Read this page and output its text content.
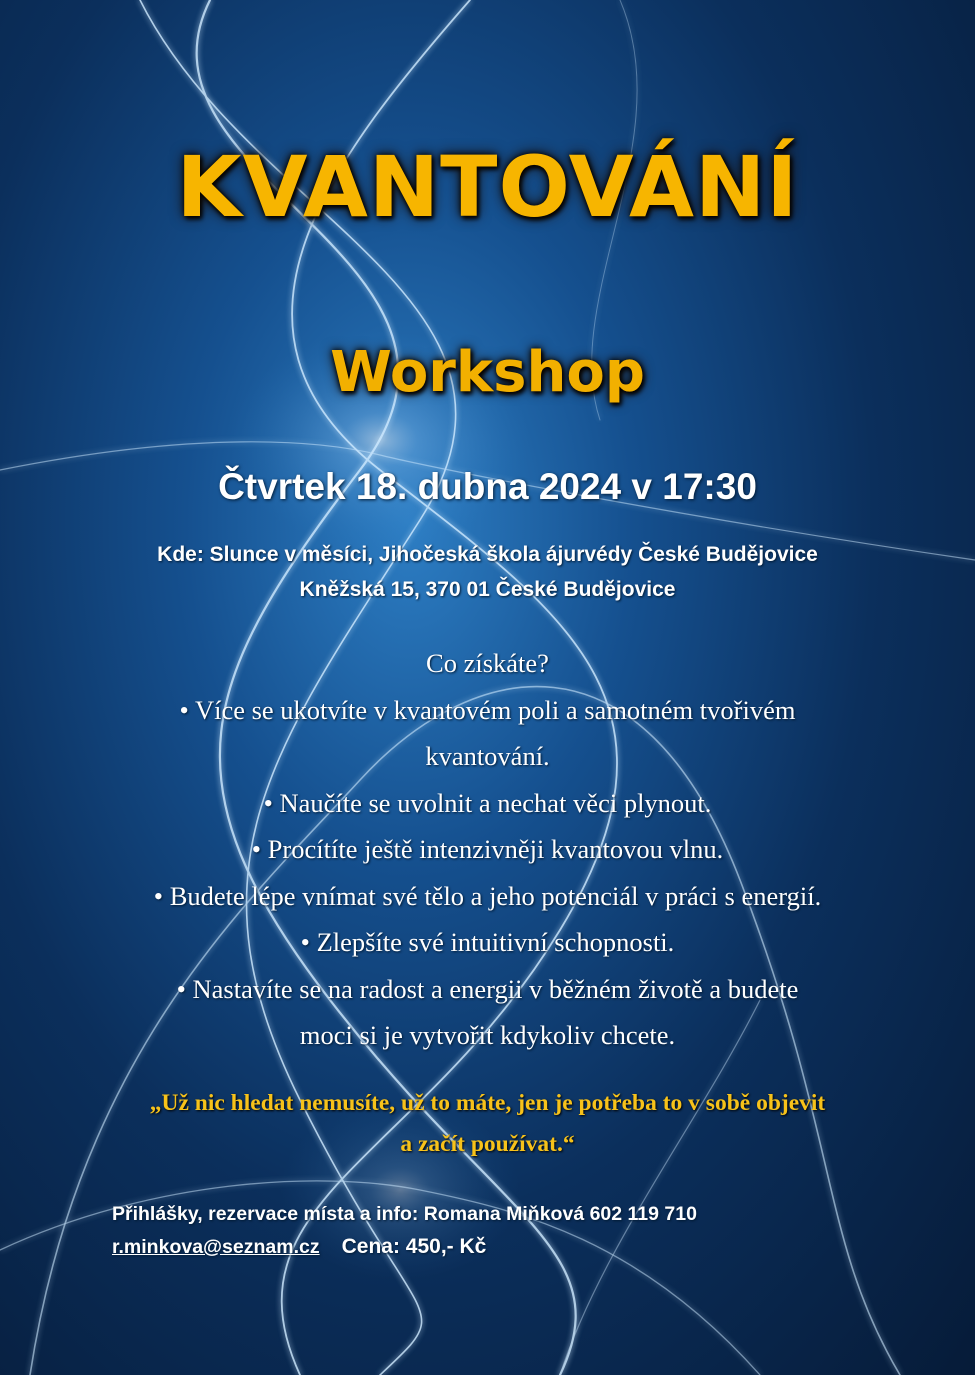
KVANTOVÁNÍ
Workshop
Čtvrtek 18. dubna 2024 v 17:30
Kde: Slunce v měsíci, Jihočeská škola ájurvédy České Budějovice
Kněžská 15, 370 01 České Budějovice
Co získáte?
• Více se ukotvíte v kvantovém poli a samotném tvořivém
kvantování.
• Naučíte se uvolnit a nechat věci plynout.
• Procítíte ještě intenzivněji kvantovou vlnu.
• Budete lépe vnímat své tělo a jeho potenciál v práci s energií.
• Zlepšíte své intuitivní schopnosti.
• Nastavíte se na radost a energii v běžném životě a budete
moci si je vytvořit kdykoliv chcete.
„Už nic hledat nemusíte, už to máte, jen je potřeba to v sobě objevit
a začít používat.“
Přihlášky, rezervace místa a info: Romana Miňková 602 119 710
r.minkova@seznam.cz Cena: 450,- Kč
